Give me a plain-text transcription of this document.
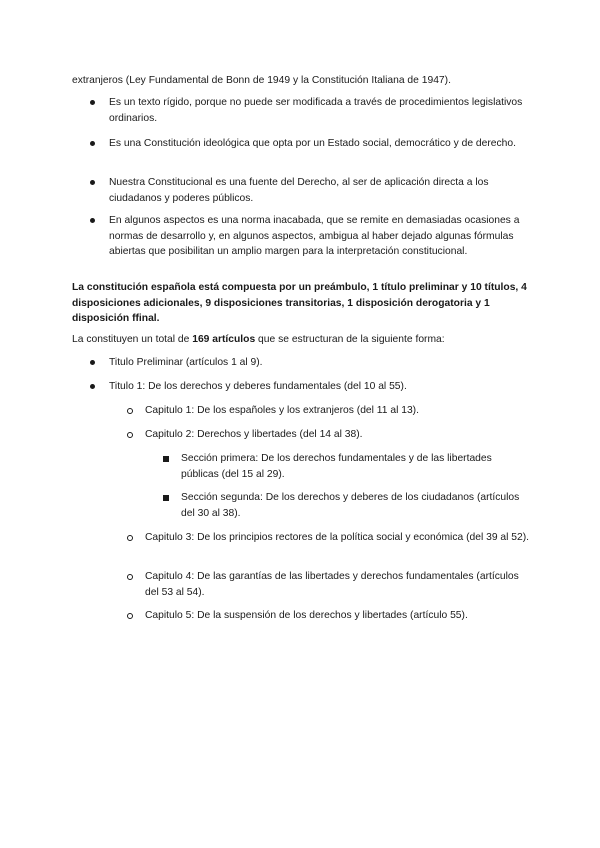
extranjeros (Ley Fundamental de Bonn de 1949 y la Constitución Italiana de 1947).

Es un texto rígido, porque no puede ser modificada a través de procedimientos legislativos ordinarios.

Es una Constitución ideológica que opta por un Estado social, democrático y de derecho.

Nuestra Constitucional es una fuente del Derecho, al ser de aplicación directa a los ciudadanos y poderes públicos.

En algunos aspectos es una norma inacabada, que se remite en demasiadas ocasiones a normas de desarrollo y, en algunos aspectos, ambigua al haber dejado algunas fórmulas abiertas que posibilitan un amplio margen para la interpretación constitucional.

La constitución española está compuesta por un preámbulo, 1 título preliminar y 10 títulos, 4 disposiciones adicionales, 9 disposiciones transitorias, 1 disposición derogatoria y 1 disposición ffinal.

La constituyen un total de 169 artículos que se estructuran de la siguiente forma:

Titulo Preliminar (artículos 1 al 9).

Titulo 1: De los derechos y deberes fundamentales (del 10 al 55).

Capitulo 1: De los españoles y los extranjeros (del 11 al 13).

Capitulo 2: Derechos y libertades (del 14 al 38).

Sección primera: De los derechos fundamentales y de las libertades públicas (del 15 al 29).

Sección segunda: De los derechos y deberes de los ciudadanos (artículos del 30 al 38).

Capitulo 3: De los principios rectores de la política social y económica (del 39 al 52).

Capitulo 4: De las garantías de las libertades y derechos fundamentales (artículos del 53 al 54).

Capitulo 5: De la suspensión de los derechos y libertades (artículo 55).
